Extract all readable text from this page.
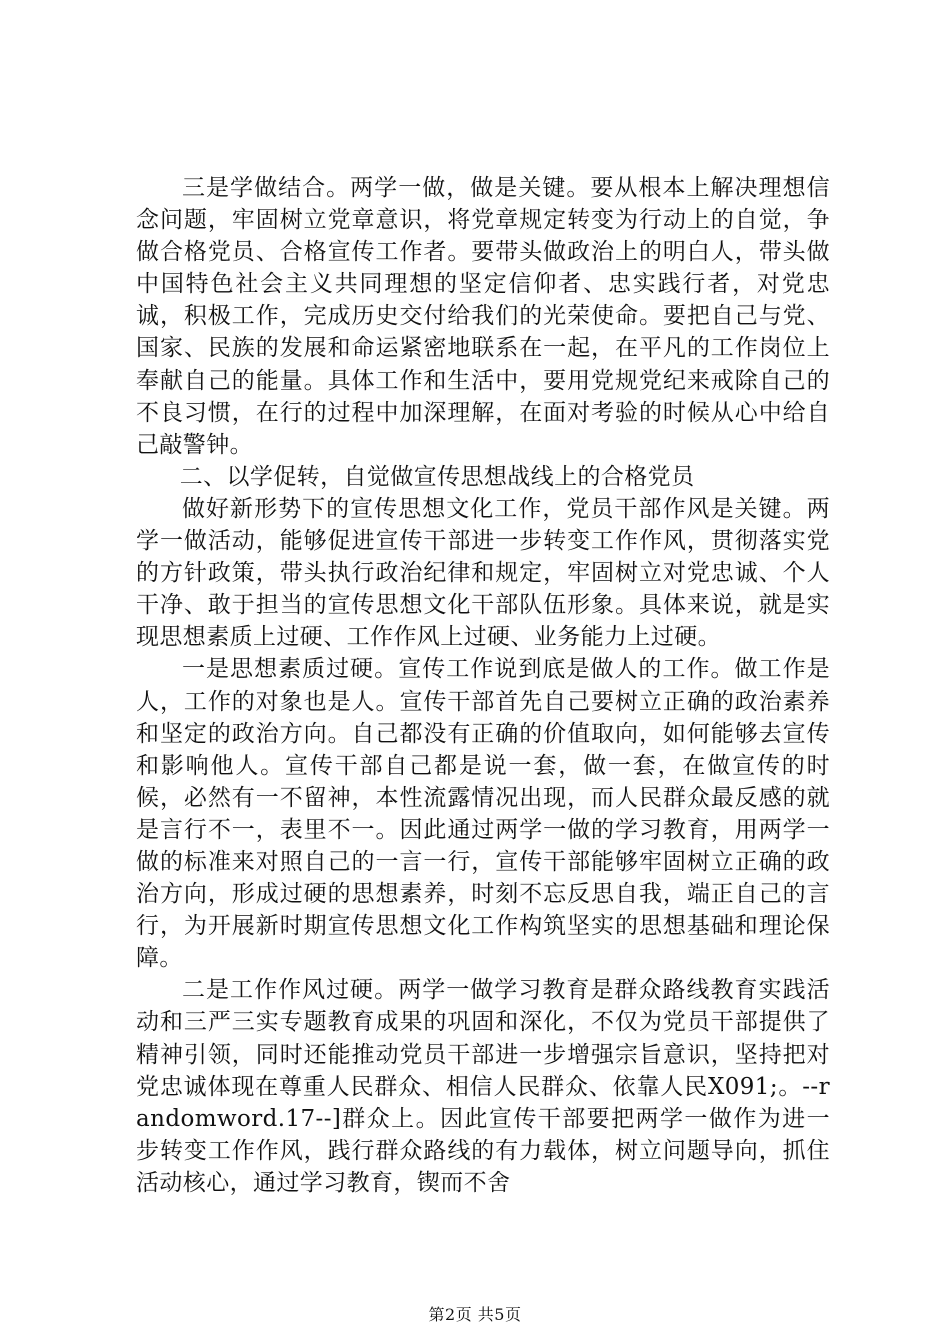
三是学做结合。两学一做，做是关键。要从根本上解决理想信念问题，牢固树立党章意识，将党章规定转变为行动上的自觉，争做合格党员、合格宣传工作者。要带头做政治上的明白人，带头做中国特色社会主义共同理想的坚定信仰者、忠实践行者，对党忠诚，积极工作，完成历史交付给我们的光荣使命。要把自己与党、国家、民族的发展和命运紧密地联系在一起，在平凡的工作岗位上奉献自己的能量。具体工作和生活中，要用党规党纪来戒除自己的不良习惯，在行的过程中加深理解，在面对考验的时候从心中给自己敲警钟。

二、以学促转，自觉做宣传思想战线上的合格党员

做好新形势下的宣传思想文化工作，党员干部作风是关键。两学一做活动，能够促进宣传干部进一步转变工作作风，贯彻落实党的方针政策，带头执行政治纪律和规定，牢固树立对党忠诚、个人干净、敢于担当的宣传思想文化干部队伍形象。具体来说，就是实现思想素质上过硬、工作作风上过硬、业务能力上过硬。

一是思想素质过硬。宣传工作说到底是做人的工作。做工作是人，工作的对象也是人。宣传干部首先自己要树立正确的政治素养和坚定的政治方向。自己都没有正确的价值取向，如何能够去宣传和影响他人。宣传干部自己都是说一套，做一套，在做宣传的时候，必然有一不留神，本性流露情况出现，而人民群众最反感的就是言行不一，表里不一。因此通过两学一做的学习教育，用两学一做的标准来对照自己的一言一行，宣传干部能够牢固树立正确的政治方向，形成过硬的思想素养，时刻不忘反思自我，端正自己的言行，为开展新时期宣传思想文化工作构筑坚实的思想基础和理论保障。

二是工作作风过硬。两学一做学习教育是群众路线教育实践活动和三严三实专题教育成果的巩固和深化，不仅为党员干部提供了精神引领，同时还能推动党员干部进一步增强宗旨意识，坚持把对党忠诚体现在尊重人民群众、相信人民群众、依靠人民X091;。--randomword.17--]群众上。因此宣传干部要把两学一做作为进一步转变工作作风，践行群众路线的有力载体，树立问题导向，抓住活动核心，通过学习教育，锲而不舍

第2页 共5页
